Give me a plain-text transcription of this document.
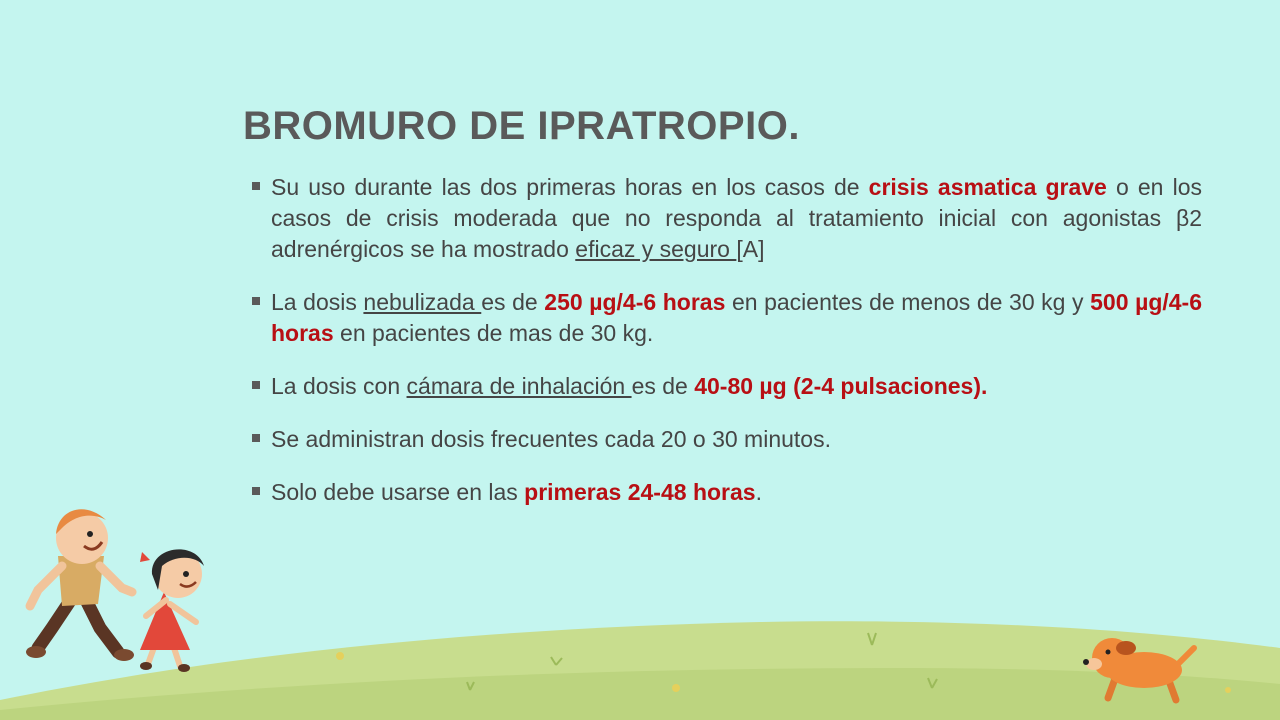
BROMURO DE IPRATROPIO.

Su uso durante las dos primeras horas en los casos de crisis asmatica grave o en los casos de crisis moderada que no responda al tratamiento inicial con agonistas β2 adrenérgicos se ha mostrado eficaz y seguro [A]

La dosis nebulizada es de 250 µg/4-6 horas en pacientes de menos de 30 kg y 500 µg/4-6 horas en pacientes de mas de 30 kg.

La dosis con cámara de inhalación es de 40-80 µg (2-4 pulsaciones).

Se administran dosis frecuentes cada 20 o 30 minutos.

Solo debe usarse en las primeras 24-48 horas.
